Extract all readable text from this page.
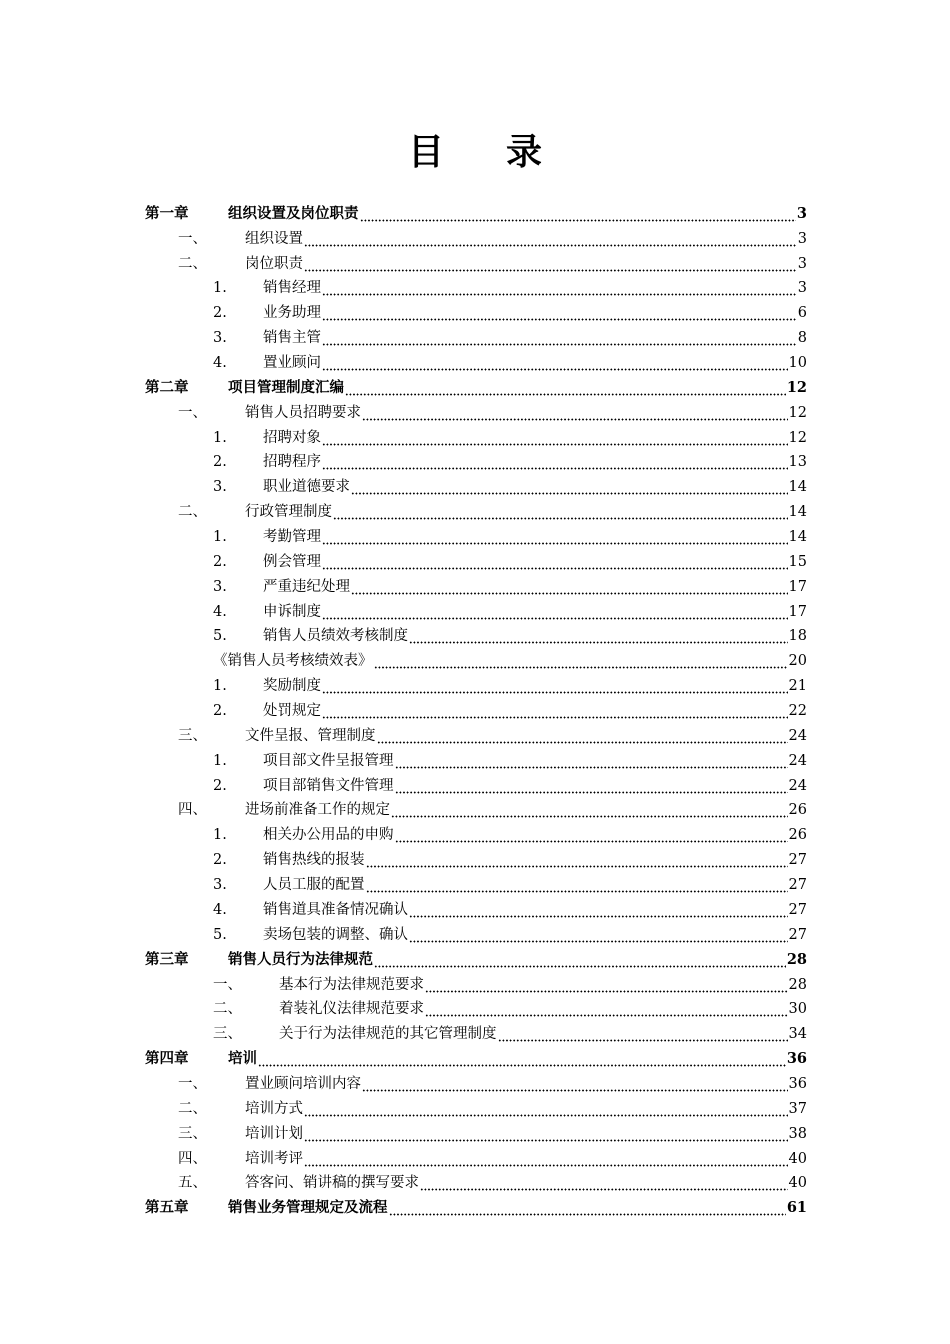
目 录
第一章	组织设置及岗位职责	3
一、	组织设置	3
二、	岗位职责	3
1.	销售经理	3
2.	业务助理	6
3.	销售主管	8
4.	置业顾问	10
第二章	项目管理制度汇编	12
一、	销售人员招聘要求	12
1.	招聘对象	12
2.	招聘程序	13
3.	职业道德要求	14
二、	行政管理制度	14
1.	考勤管理	14
2.	例会管理	15
3.	严重违纪处理	17
4.	申诉制度	17
5.	销售人员绩效考核制度	18
《销售人员考核绩效表》	20
1.	奖励制度	21
2.	处罚规定	22
三、	文件呈报、管理制度	24
1.	项目部文件呈报管理	24
2.	项目部销售文件管理	24
四、	进场前准备工作的规定	26
1.	相关办公用品的申购	26
2.	销售热线的报装	27
3.	人员工服的配置	27
4.	销售道具准备情况确认	27
5.	卖场包装的调整、确认	27
第三章	销售人员行为法律规范	28
一、	基本行为法律规范要求	28
二、	着装礼仪法律规范要求	30
三、	关于行为法律规范的其它管理制度	34
第四章	培训	36
一、	置业顾问培训内容	36
二、	培训方式	37
三、	培训计划	38
四、	培训考评	40
五、	答客问、销讲稿的撰写要求	40
第五章	销售业务管理规定及流程	61
